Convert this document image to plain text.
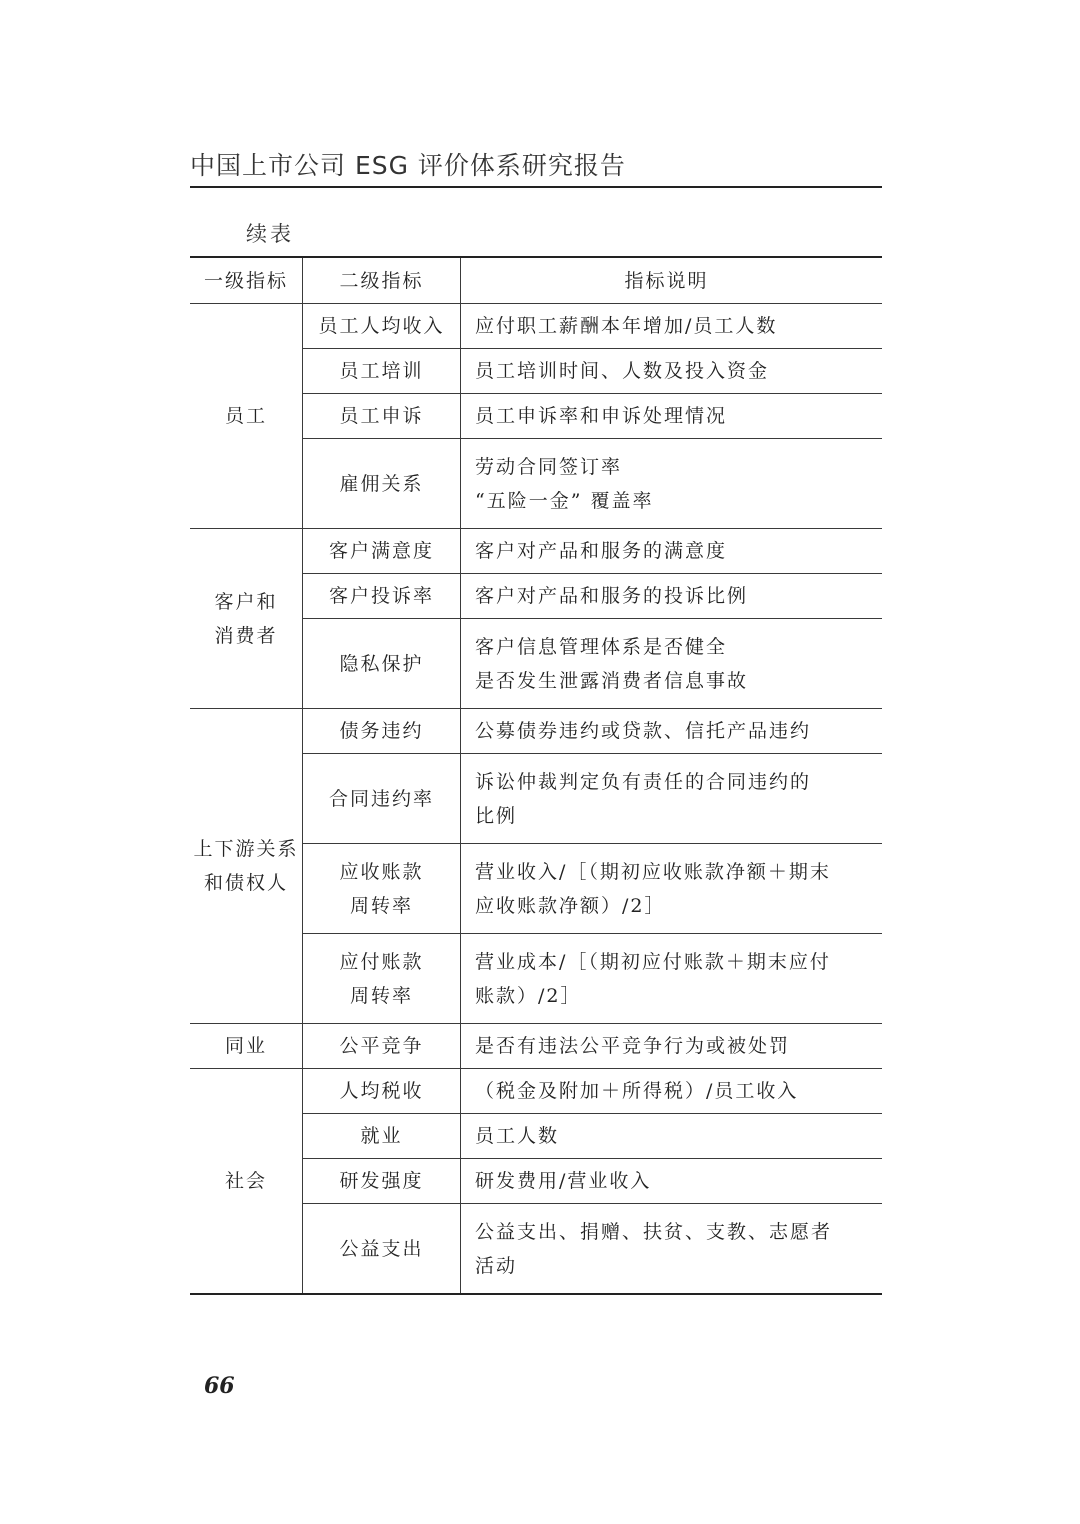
中国上市公司 ESG 评价体系研究报告
续表
一级指标	二级指标	指标说明

员工	员工人均收入	应付职工薪酬本年增加/员工人数

	员工培训	员工培训时间、人数及投入资金

	员工申诉	员工申诉率和申诉处理情况

	雇佣关系	劳动合同签订率
“五险一金” 覆盖率

客户和
消费者	客户满意度	客户对产品和服务的满意度

	客户投诉率	客户对产品和服务的投诉比例

	隐私保护	客户信息管理体系是否健全
是否发生泄露消费者信息事故

上下游关系
和债权人	债务违约	公募债券违约或贷款、信托产品违约

	合同违约率	诉讼仲裁判定负有责任的合同违约的
比例

	应收账款
周转率	营业收入/［（期初应收账款净额＋期末
应收账款净额）/2］

	应付账款
周转率	营业成本/［（期初应付账款＋期末应付
账款）/2］

同业	公平竞争	是否有违法公平竞争行为或被处罚

社会	人均税收	（税金及附加＋所得税）/员工收入

	就业	员工人数

	研发强度	研发费用/营业收入

	公益支出	公益支出、捐赠、扶贫、支教、志愿者
活动
66
